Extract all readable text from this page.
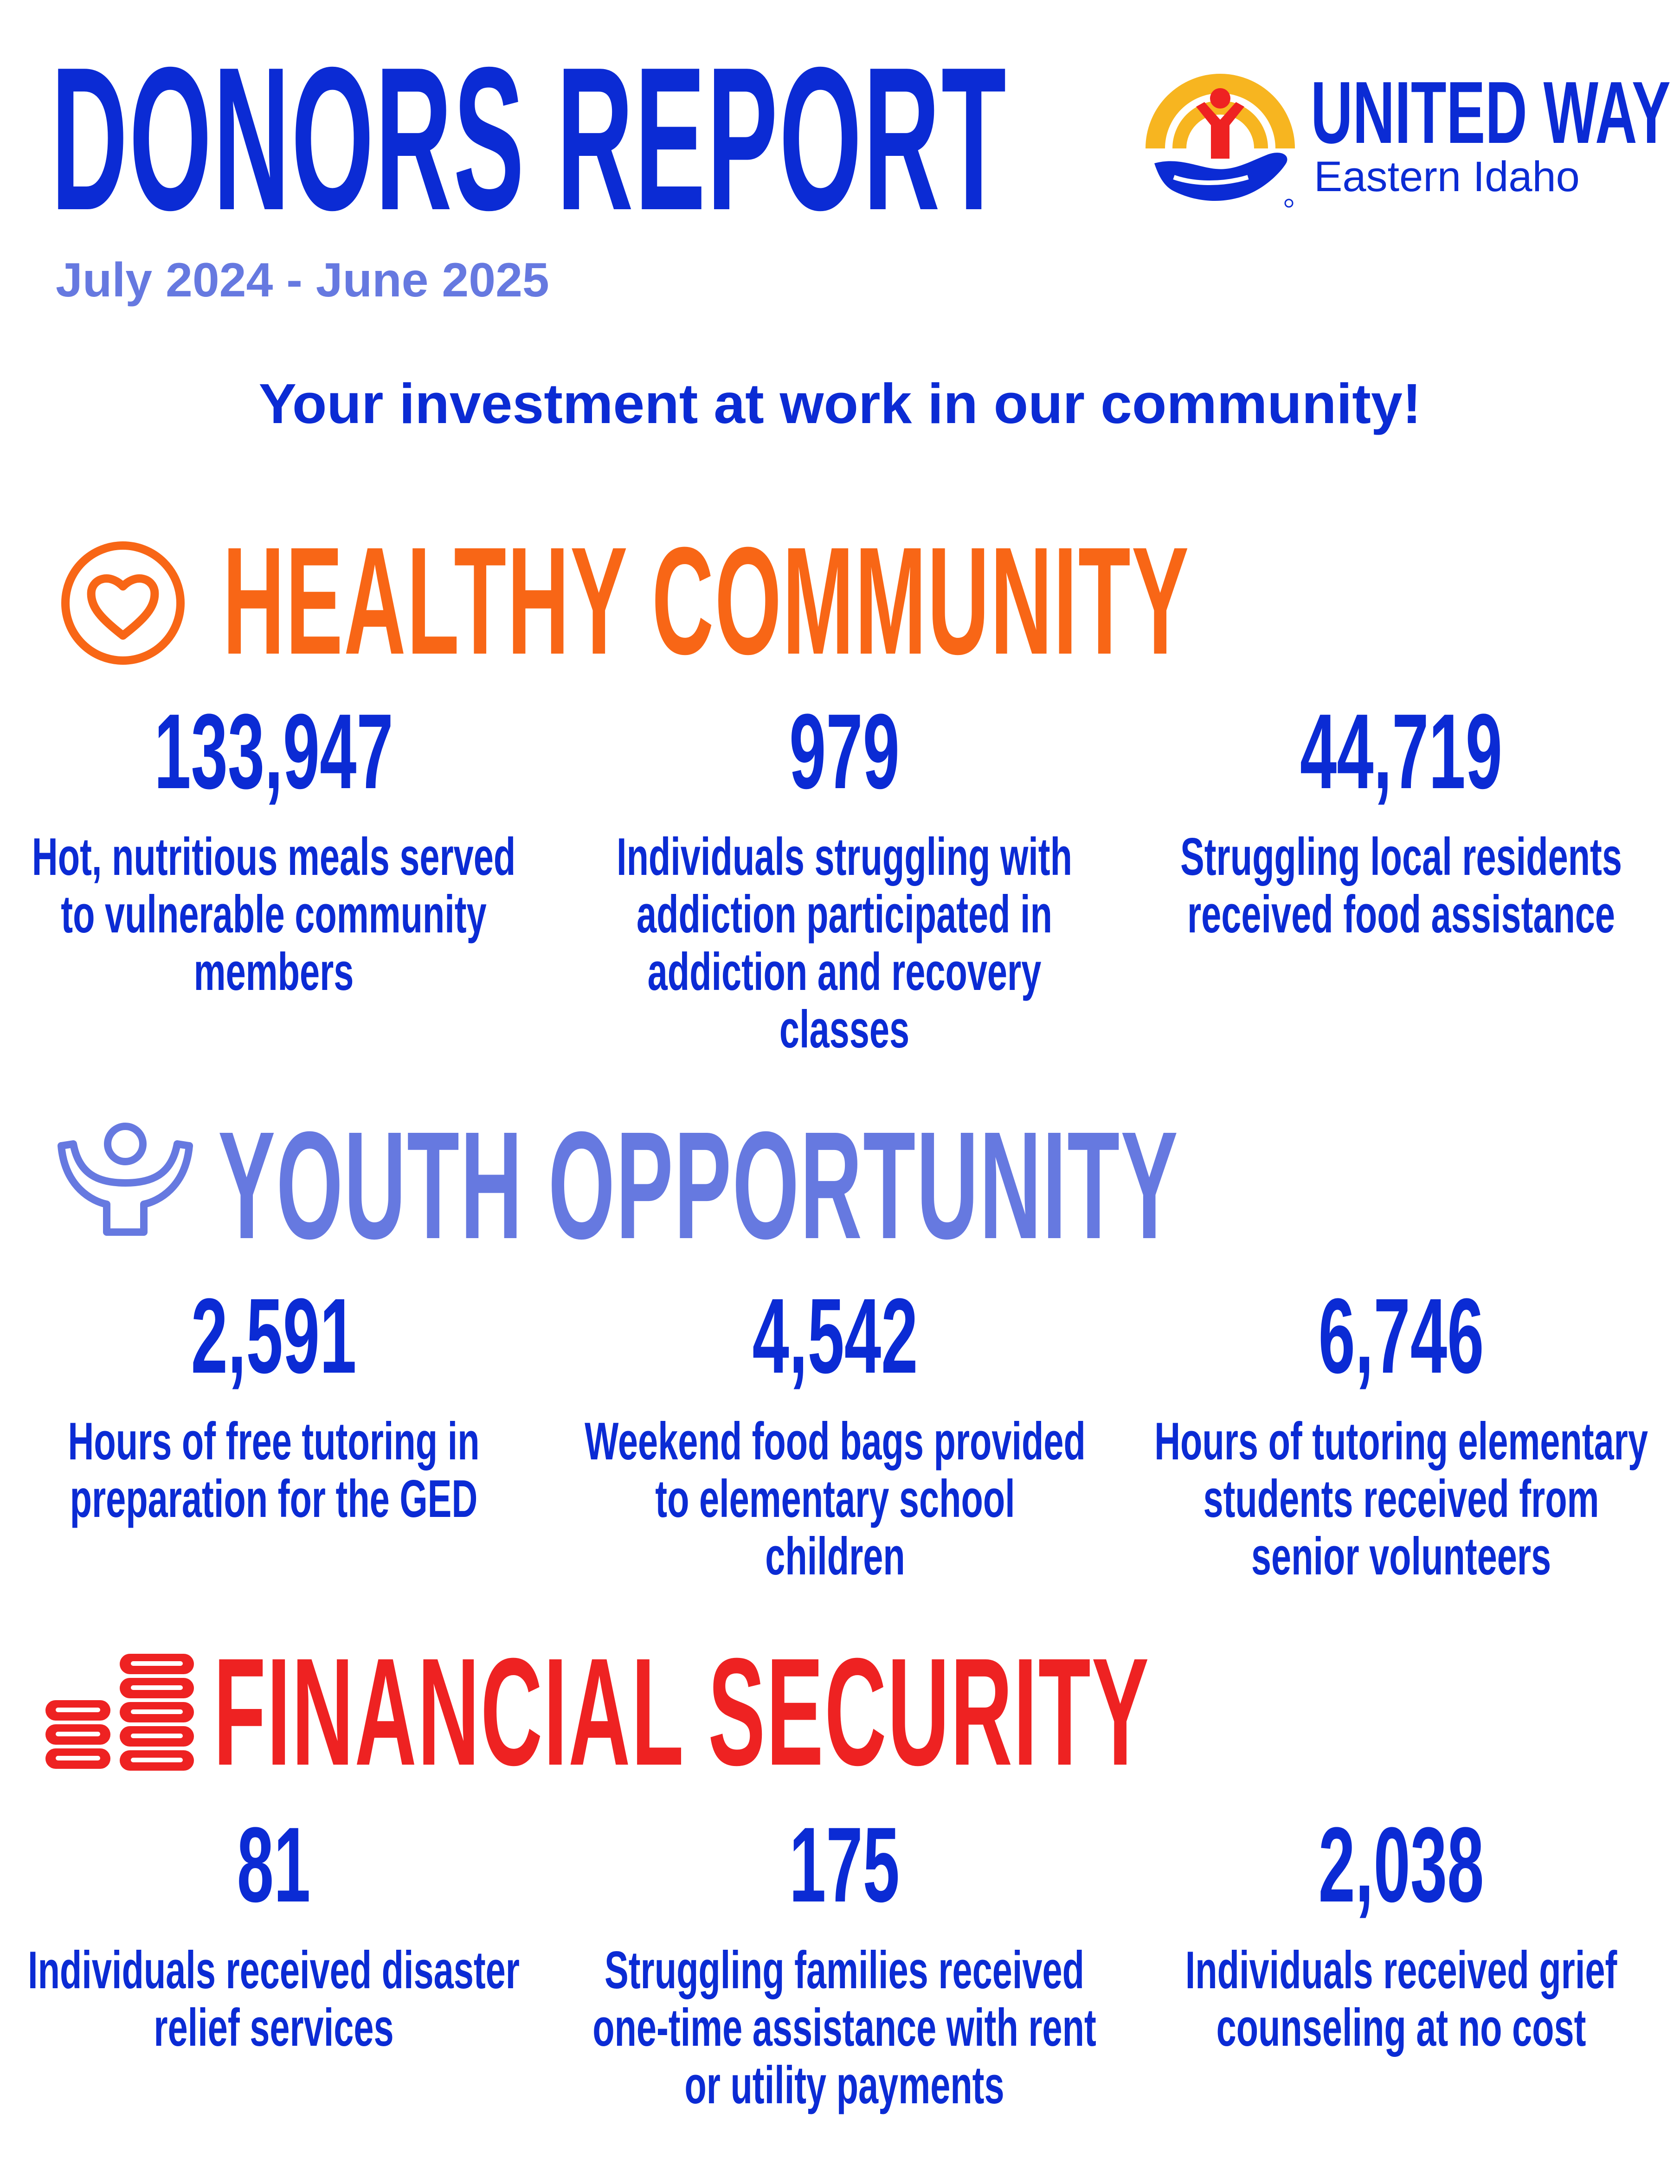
DONORS REPORT
July 2024 - June 2025
UNITED WAY
Eastern Idaho
Your investment at work in our community!
HEALTHY COMMUNITY
133,947
Hot, nutritious meals served to vulnerable community members
979
Individuals struggling with addiction participated in addiction and recovery classes
44,719
Struggling local residents received food assistance
YOUTH OPPORTUNITY
2,591
Hours of free tutoring in preparation for the GED
4,542
Weekend food bags provided to elementary school children
6,746
Hours of tutoring elementary students received from senior volunteers
FINANCIAL SECURITY
81
Individuals received disaster relief services
175
Struggling families received one-time assistance with rent or utility payments
2,038
Individuals received grief counseling at no cost
